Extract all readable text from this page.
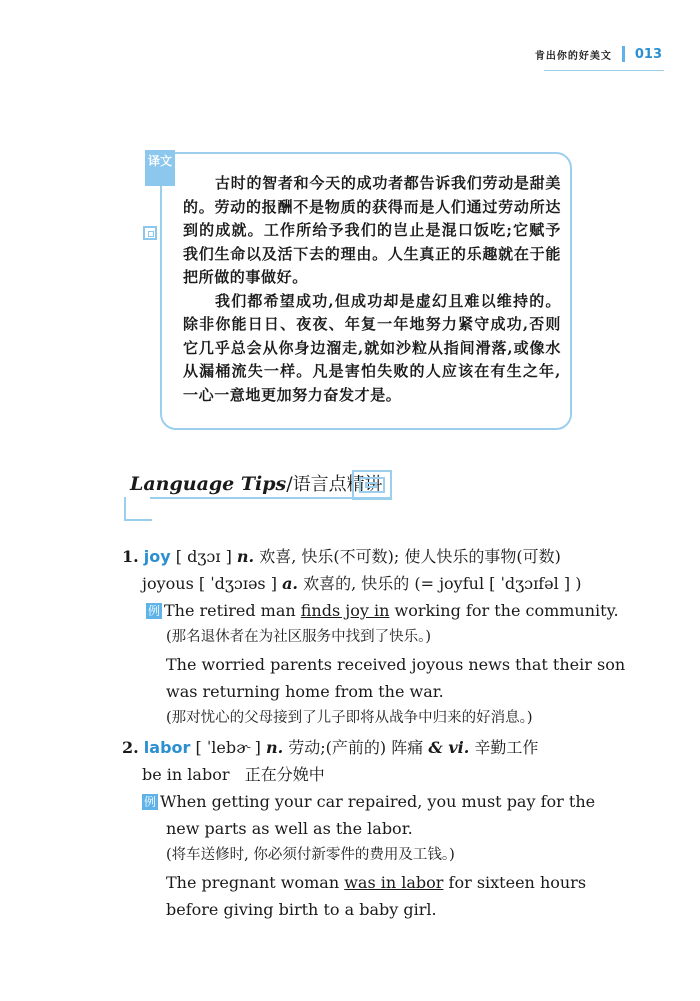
肯出你的好美文 013
译文

古时的智者和今天的成功者都告诉我们劳动是甜美的。劳动的报酬不是物质的获得而是人们通过劳动所达到的成就。工作所给予我们的岂止是混口饭吃;它赋予我们生命以及活下去的理由。人生真正的乐趣就在于能把所做的事做好。

我们都希望成功,但成功却是虚幻且难以维持的。除非你能日日、夜夜、年复一年地努力紧守成功,否则它几乎总会从你身边溜走,就如沙粒从指间滑落,或像水从漏桶流失一样。凡是害怕失败的人应该在有生之年,一心一意地更加努力奋发才是。

Language Tips/语言点精讲
1. joy [ dʒɔɪ ] n. 欢喜, 快乐(不可数); 使人快乐的事物(可数)
joyous [ ˈdʒɔɪəs ] a. 欢喜的, 快乐的 (= joyful [ ˈdʒɔɪfəl ] )
例 The retired man finds joy in working for the community.
(那名退休者在为社区服务中找到了快乐。)
The worried parents received joyous news that their son
was returning home from the war.
(那对忧心的父母接到了儿子即将从战争中归来的好消息。)
2. labor [ ˈlebɚ ] n. 劳动;(产前的) 阵痛 & vi. 辛勤工作
be in labor 正在分娩中
例 When getting your car repaired, you must pay for the
new parts as well as the labor.
(将车送修时, 你必须付新零件的费用及工钱。)
The pregnant woman was in labor for sixteen hours
before giving birth to a baby girl.
